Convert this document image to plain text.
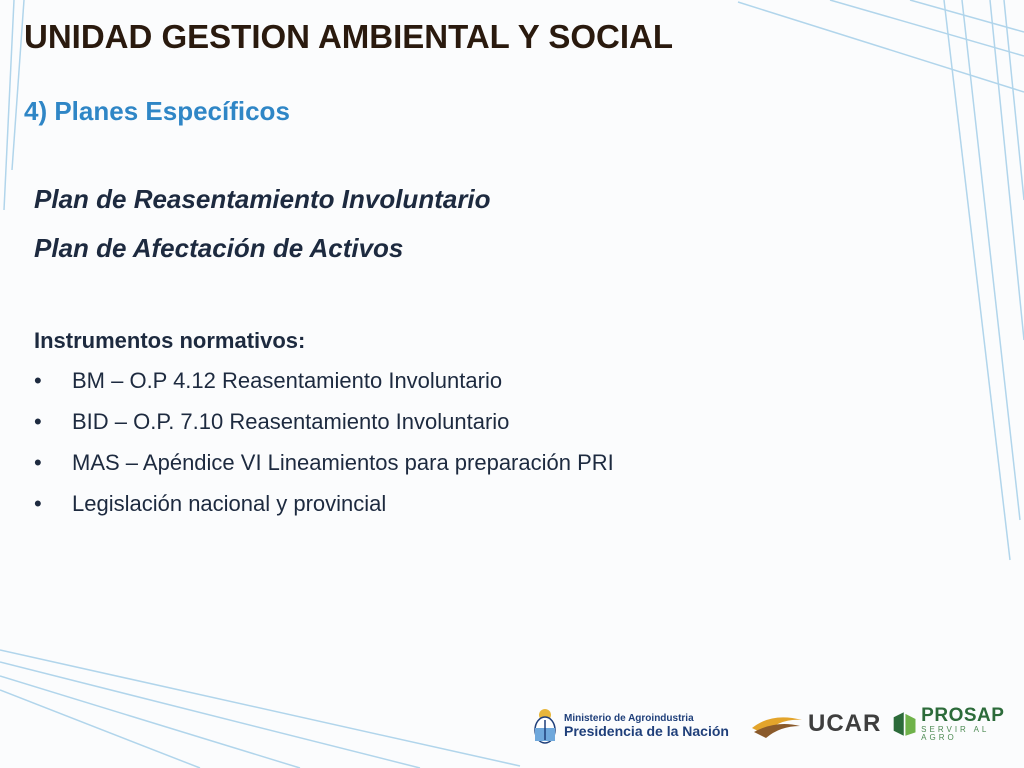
UNIDAD GESTION AMBIENTAL Y SOCIAL
4) Planes Específicos
Plan de Reasentamiento Involuntario
Plan de Afectación de Activos
Instrumentos normativos:
•	BM – O.P 4.12 Reasentamiento Involuntario
•	BID – O.P. 7.10 Reasentamiento Involuntario
•	MAS – Apéndice VI Lineamientos para preparación PRI
•	Legislación nacional y provincial
Ministerio de Agroindustria
Presidencia de la Nación	UCAR PROSAP
SERVIR AL AGRO
